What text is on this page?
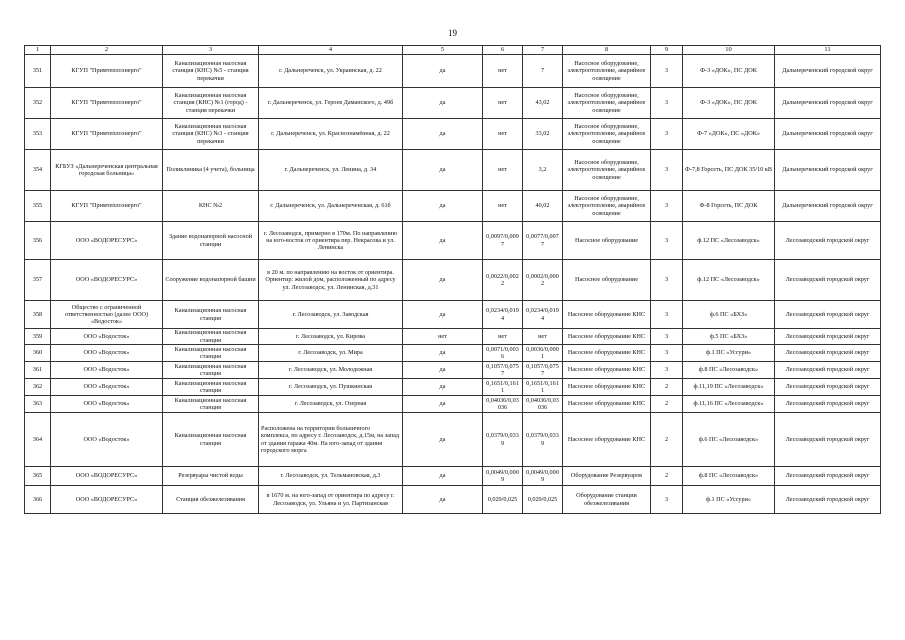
19
1	2	3	4	5	6	7	8	9	10	11
351	КГУП "Примтеплоэнерго"	Канализационная насосная станция (КНС) №5 - станция перекачки	г. Дальнереченск, ул. Украинская, д. 22	да	нет	7	Насосное оборудование, электроотопление, аварийное освещение	3	Ф-3 «ДОК», ПС ДОК	Дальнереченский городской округ
352	КГУП "Примтеплоэнерго"	Канализационная насосная станция (КНС) №1 (город) - станция перекачки	г. Дальнереченск, ул. Героев Даманского, д. 49б	да	нет	43,02	Насосное оборудование, электроотопление, аварийное освещение	3	Ф-3 «ДОК», ПС ДОК	Дальнереченский городской округ
353	КГУП "Примтеплоэнерго"	Канализационная насосная станция (КНС) №3 - станция перекачки	г. Дальнереченск, ул. Краснознамённая, д. 22	да	нет	33,02	Насосное оборудование, электроотопление, аварийное освещение	3	Ф-7 «ДОК», ПС «ДОК»	Дальнереченский городской округ
354	КГБУЗ «Дальнереченская центральная городская больница»	Поликлиника (4 учета), больница	г. Дальнереченск, ул. Ленина, д. 34	да	нет	3,2	Насосное оборудование, электроотопление, аварийное освещение	3	Ф-7,8 Горсеть, ПС ДОК 35/10 кВ	Дальнереченский городской округ
355	КГУП "Примтеплоэнерго"	КНС №2	г. Дальнереченск, ул. Дальнереченская, д. 61б	да	нет	40,02	Насосное оборудование, электроотопление, аварийное освещение	3	Ф-8 Горсеть, ПС ДОК	Дальнереченский городской округ
356	ООО «ВОДОРЕСУРС»	Здание водонапорной насосной станции	г. Лесозаводск, примерно в 170м. По направлению на юго-восток от ориентира пер. Некрасова и ул. Ленинска	да	0,0097/0,0097	0,0077/0,0077	Насосное оборудование	3	ф.12 ПС «Лесозаводск»	Лесозаводский городской округ
357	ООО «ВОДОРЕСУРС»	Сооружение водонапорной башни	в 20 м. по направлению на восток от ориентира. Ориентир: жилой дом, расположенный по адресу ул. Лесозаводск, ул. Ленинская, д.31	да	0,0022/0,0022	0,0002/0,0002	Насосное оборудование	3	ф.12 ПС «Лесозаводск»	Лесозаводский городской округ
358	Общество с ограниченной ответственностью (далее ООО) «Водосток»	Канализационная насосная станция	г. Лесозаводск, ул. Заводская	да	0,0234/0,0194	0,0234/0,0194	Насосное оборудование КНС	3	ф.6 ПС «БХЗ»	Лесозаводский городской округ
359	ООО «Водосток»	Канализационная насосная станция	г. Лесозаводск, ул. Кирова	нет	нет	нет	Насосное оборудование КНС	3	ф.5 ПС «БХЗ»	Лесозаводский городской округ
360	ООО «Водосток»	Канализационная насосная станция	г. Лесозаводск, ул. Мира	да	0,0071/0,0036	0,0036/0,0001	Насосное оборудование КНС	3	ф.1 ПС «Уссури»	Лесозаводский городской округ
361	ООО «Водосток»	Канализационная насосная станция	г. Лесозаводск, ул. Молодежная	да	0,1057/0,0757	0,1057/0,0757	Насосное оборудование КНС	3	ф.8 ПС «Лесозаводск»	Лесозаводский городской округ
362	ООО «Водосток»	Канализационная насосная станция	г. Лесозаводск, ул. Пушкинская	да	0,1651/0,1611	0,1651/0,1611	Насосное оборудование КНС	2	ф.11,19 ПС «Лесозаводск»	Лесозаводский городской округ
363	ООО «Водосток»	Канализационная насосная станция	г. Лесозаводск, ул. Озерная	да	0,04036/0,03036	0,04036/0,03036	Насосное оборудование КНС	2	ф.11,16 ПС «Лесозаводск»	Лесозаводский городской округ
364	ООО «Водосток»	Канализационная насосная станция	Расположена на территории больничного комплекса, по адресу г. Лесозаводск, д.15м, на запад от здания гаража 40м. На юго-запад от здания городского морга	да	0,0379/0,0339	0,0379/0,0339	Насосное оборудование КНС	2	ф.6 ПС «Лесозаводск»	Лесозаводский городской округ
365	ООО «ВОДОРЕСУРС»	Резервуары чистой воды	г. Лесозаводск, ул. Тельмановская, д.3	да	0,0049/0,0009	0,0049/0,0009	Оборудование Резервуаров	2	ф.8 ПС «Лесозаводск»	Лесозаводский городской округ
366	ООО «ВОДОРЕСУРС»	Станция обезжелезивания	в 1670 м. на юго-запад от ориентира по адресу г. Лесозаводск, ул. Ульяна и ул. Партизанская	да	0,029/0,025	0,029/0,025	Оборудование станции обезжелезивания	3	ф.1 ПС «Уссури»	Лесозаводский городской округ
